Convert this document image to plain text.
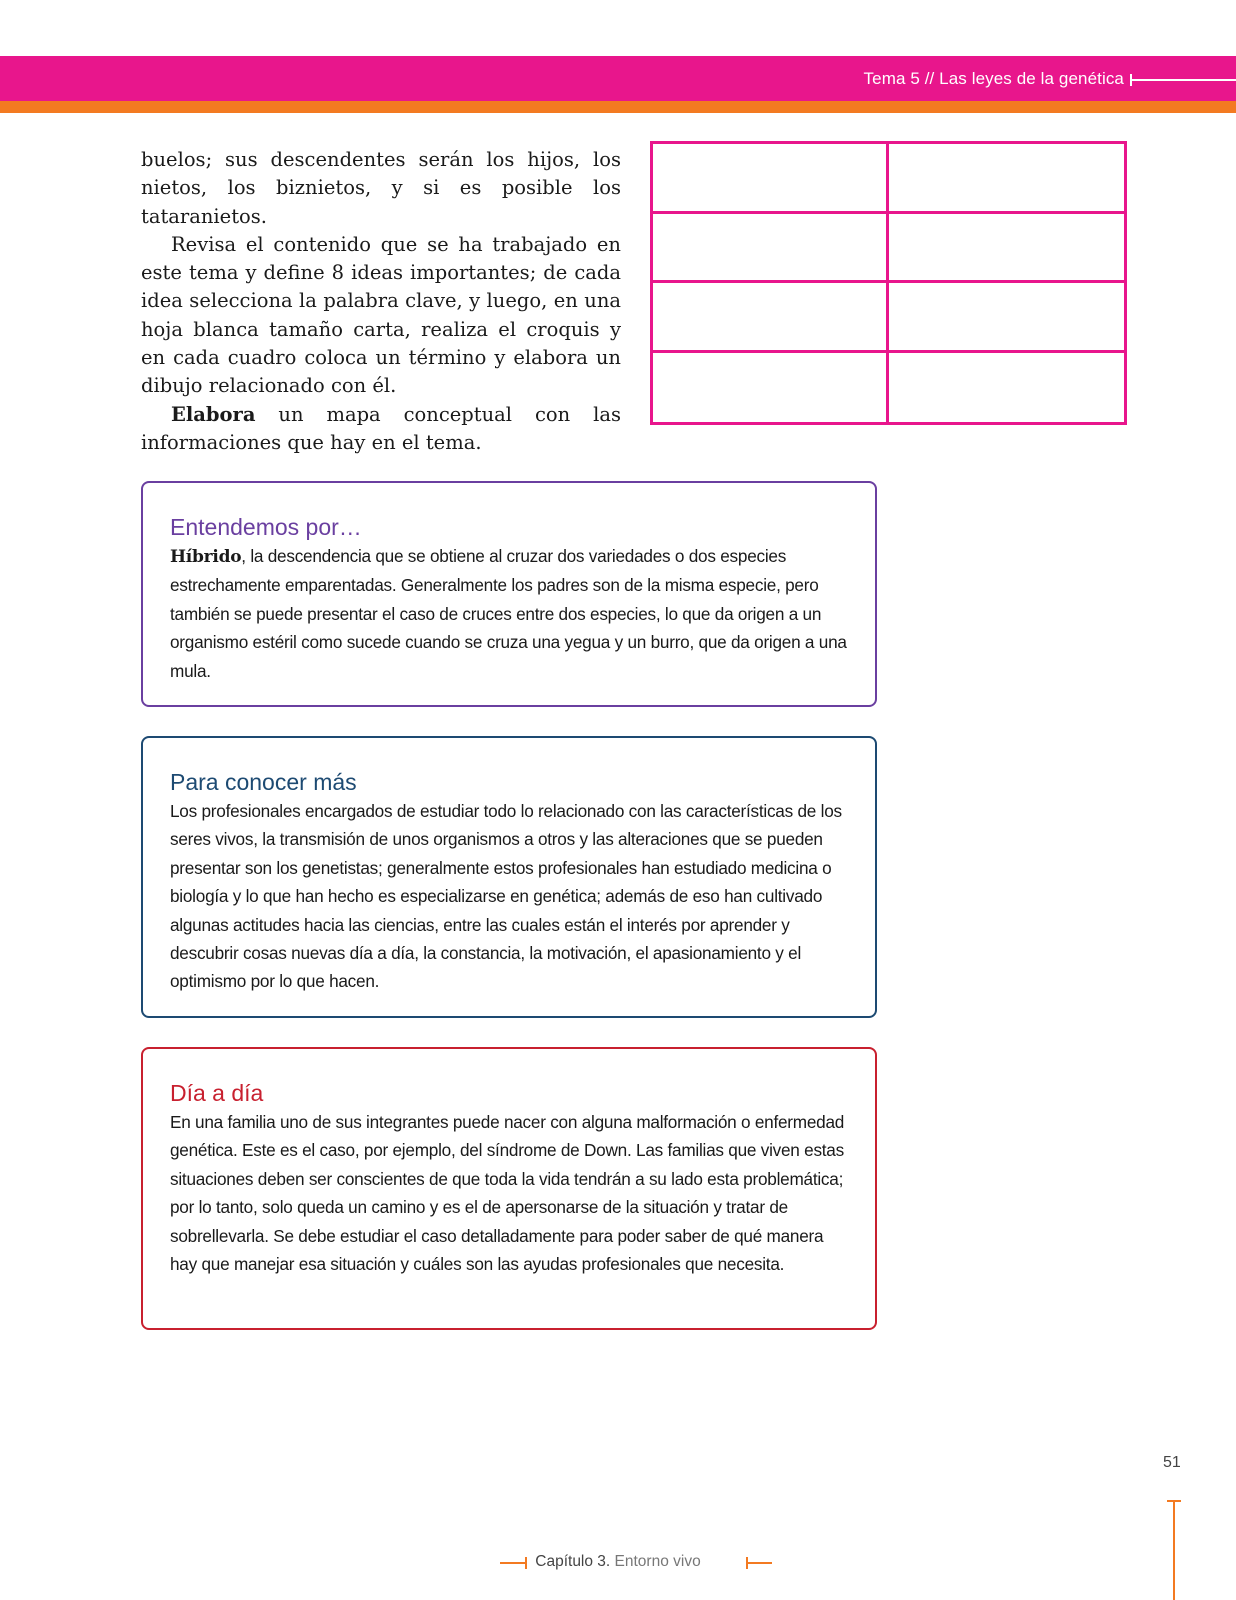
Tema 5 // Las leyes de la genética

buelos; sus descendentes serán los hijos, los nietos, los biznietos, y si es posible los tataranietos.

Revisa el contenido que se ha trabajado en este tema y define 8 ideas importantes; de cada idea selecciona la palabra clave, y luego, en una hoja blanca tamaño carta, realiza el croquis y en cada cuadro coloca un término y elabora un dibujo relacionado con él.

Elabora un mapa conceptual con las informaciones que hay en el tema.

Entendemos por…

Híbrido, la descendencia que se obtiene al cruzar dos variedades o dos especies estrechamente emparentadas. Generalmente los padres son de la misma especie, pero también se puede presentar el caso de cruces entre dos especies, lo que da origen a un organismo estéril como sucede cuando se cruza una yegua y un burro, que da origen a una mula.

Para conocer más

Los profesionales encargados de estudiar todo lo relacionado con las características de los seres vivos, la transmisión de unos organismos a otros y las alteraciones que se pueden presentar son los genetistas; generalmente estos profesionales han estudiado medicina o biología y lo que han hecho es especializarse en genética; además de eso han cultivado algunas actitudes hacia las ciencias, entre las cuales están el interés por aprender y descubrir cosas nuevas día a día, la constancia, la motivación, el apasionamiento y el optimismo por lo que hacen.

Día a día

En una familia uno de sus integrantes puede nacer con alguna malformación o enfermedad genética. Este es el caso, por ejemplo, del síndrome de Down. Las familias que viven estas situaciones deben ser conscientes de que toda la vida tendrán a su lado esta problemática; por lo tanto, solo queda un camino y es el de apersonarse de la situación y tratar de sobrellevarla. Se debe estudiar el caso detalladamente para poder saber de qué manera hay que manejar esa situación y cuáles son las ayudas profesionales que necesita.

51
Capítulo 3. Entorno vivo
